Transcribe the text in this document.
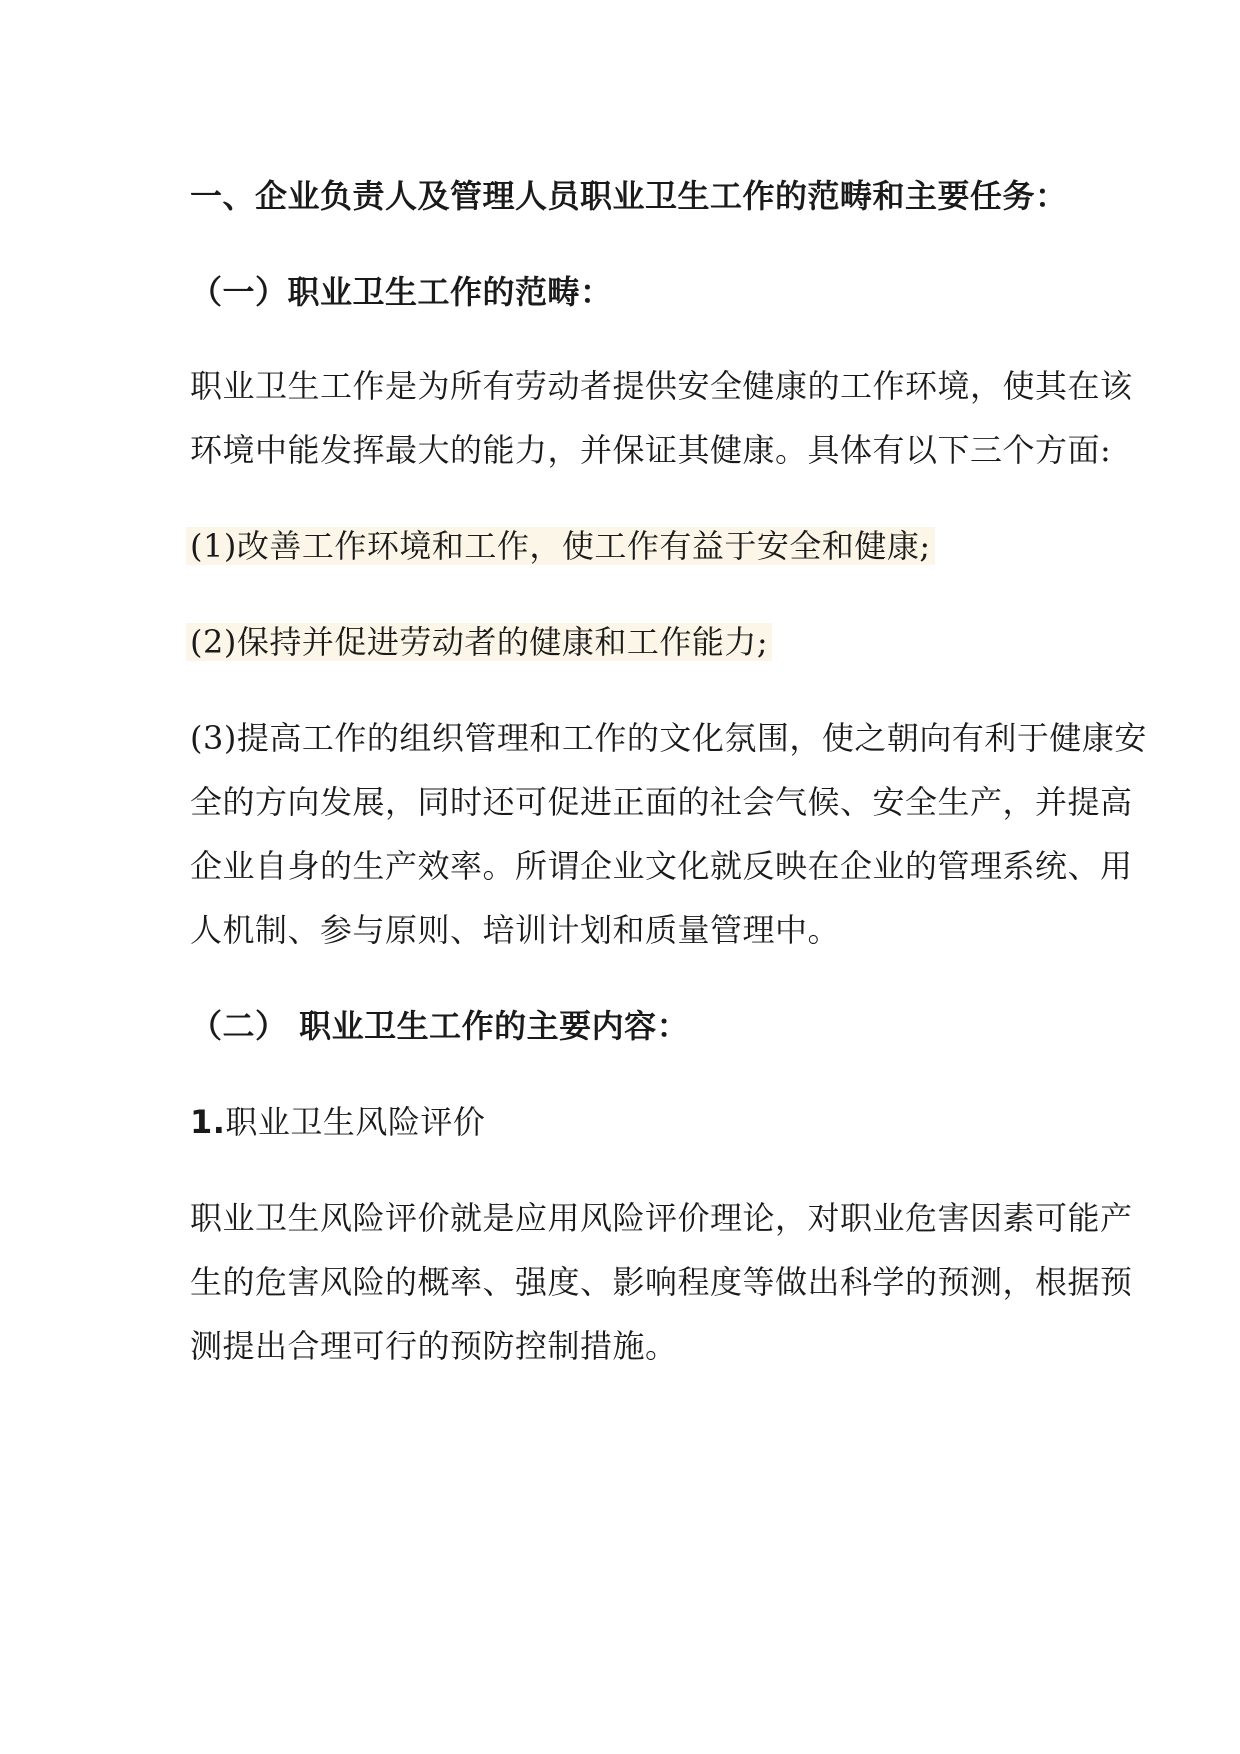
一、企业负责人及管理人员职业卫生工作的范畴和主要任务：
（一）职业卫生工作的范畴：
职业卫生工作是为所有劳动者提供安全健康的工作环境，使其在该
环境中能发挥最大的能力，并保证其健康。具体有以下三个方面:
(1)改善工作环境和工作，使工作有益于安全和健康;
(2)保持并促进劳动者的健康和工作能力;
(3)提高工作的组织管理和工作的文化氛围，使之朝向有利于健康安
全的方向发展，同时还可促进正面的社会气候、安全生产，并提高
企业自身的生产效率。所谓企业文化就反映在企业的管理系统、用
人机制、参与原则、培训计划和质量管理中。
（二） 职业卫生工作的主要内容：
1.职业卫生风险评价
职业卫生风险评价就是应用风险评价理论，对职业危害因素可能产
生的危害风险的概率、强度、影响程度等做出科学的预测，根据预
测提出合理可行的预防控制措施。
